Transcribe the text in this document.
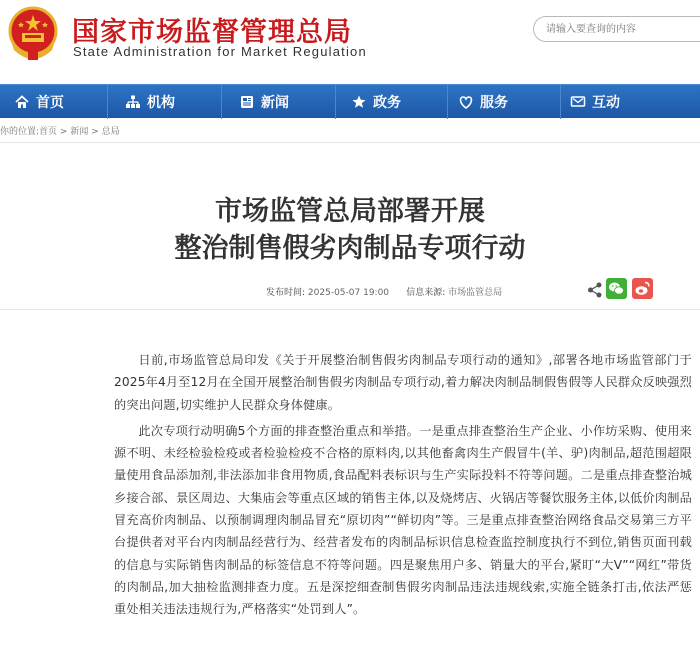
国家市场监督管理总局
State Administration for Market Regulation
请输入要查询的内容
首页	机构	新闻	政务	服务	互动
你的位置:首页 > 新闻 > 总局
市场监管总局部署开展
整治制售假劣肉制品专项行动
发布时间: 2025-05-07 19:00 信息来源: 市场监管总局

日前,市场监管总局印发《关于开展整治制售假劣肉制品专项行动的通知》,部署各地市场监管部门于2025年4月至12月在全国开展整治制售假劣肉制品专项行动,着力解决肉制品制假售假等人民群众反映强烈的突出问题,切实维护人民群众身体健康。

此次专项行动明确5个方面的排查整治重点和举措。一是重点排查整治生产企业、小作坊采购、使用来源不明、未经检验检疫或者检验检疫不合格的原料肉,以其他畜禽肉生产假冒牛(羊、驴)肉制品,超范围超限量使用食品添加剂,非法添加非食用物质,食品配料表标识与生产实际投料不符等问题。二是重点排查整治城乡接合部、景区周边、大集庙会等重点区域的销售主体,以及烧烤店、火锅店等餐饮服务主体,以低价肉制品冒充高价肉制品、以预制调理肉制品冒充“原切肉”“鲜切肉”等。三是重点排查整治网络食品交易第三方平台提供者对平台内肉制品经营行为、经营者发布的肉制品标识信息检查监控制度执行不到位,销售页面刊载的信息与实际销售肉制品的标签信息不符等问题。四是聚焦用户多、销量大的平台,紧盯“大V”“网红”带货的肉制品,加大抽检监测排查力度。五是深挖细查制售假劣肉制品违法违规线索,实施全链条打击,依法严惩重处相关违法违规行为,严格落实“处罚到人”。
